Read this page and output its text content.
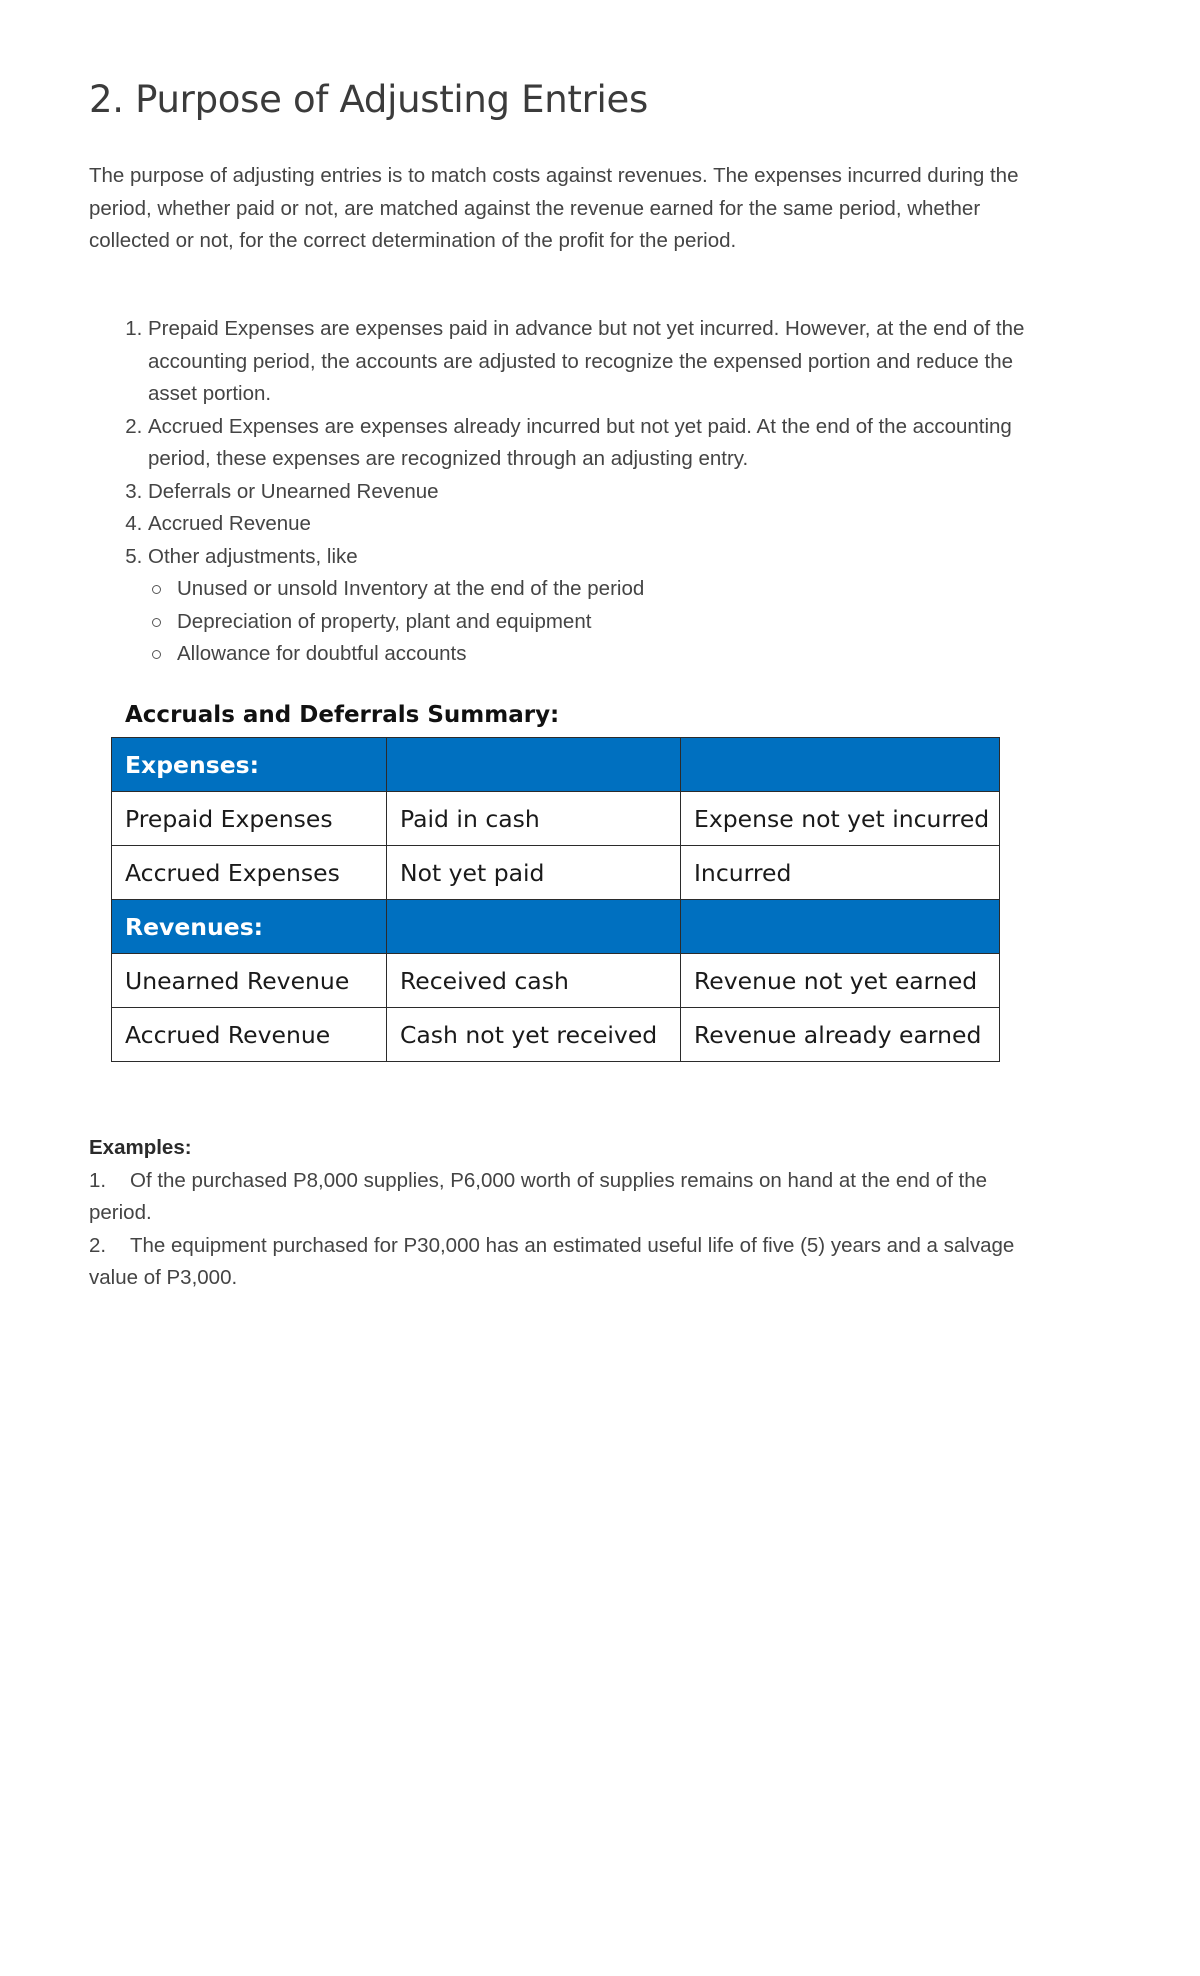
2. Purpose of Adjusting Entries

The purpose of adjusting entries is to match costs against revenues. The expenses incurred during the period, whether paid or not, are matched against the revenue earned for the same period, whether collected or not, for the correct determination of the profit for the period.

1. Prepaid Expenses are expenses paid in advance but not yet incurred. However, at the end of the accounting period, the accounts are adjusted to recognize the expensed portion and reduce the asset portion.
2. Accrued Expenses are expenses already incurred but not yet paid. At the end of the accounting period, these expenses are recognized through an adjusting entry.
3. Deferrals or Unearned Revenue
4. Accrued Revenue
5. Other adjustments, like
Unused or unsold Inventory at the end of the period
Depreciation of property, plant and equipment
Allowance for doubtful accounts
Accruals and Deferrals Summary:
Expenses:		
Prepaid Expenses	Paid in cash	Expense not yet incurred
Accrued Expenses	Not yet paid	Incurred
Revenues:		
Unearned Revenue	Received cash	Revenue not yet earned
Accrued Revenue	Cash not yet received	Revenue already earned
Examples:
1. Of the purchased P8,000 supplies, P6,000 worth of supplies remains on hand at the end of the period.
2. The equipment purchased for P30,000 has an estimated useful life of five (5) years and a salvage value of P3,000.
